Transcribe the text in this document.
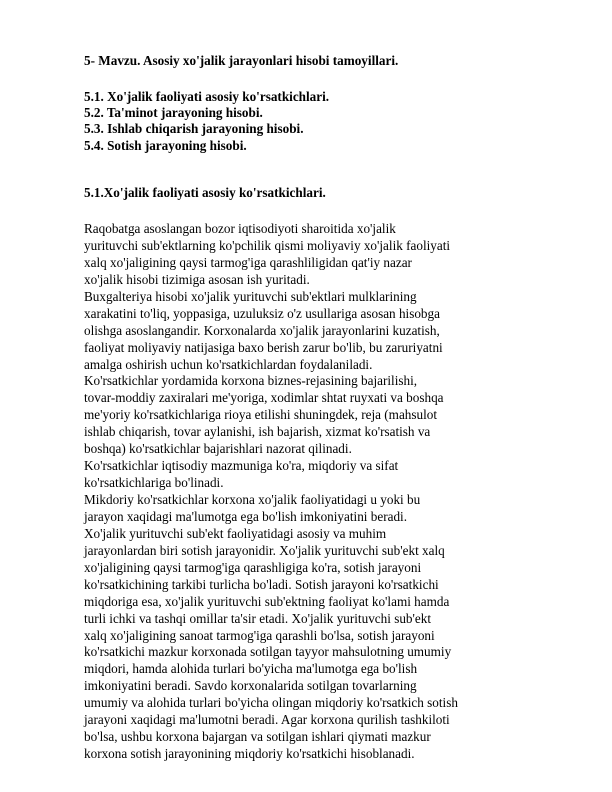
5- Mavzu. Asosiy xo'jalik jarayonlari hisobi tamoyillari.
5.1. Xo'jalik faoliyati asosiy ko'rsatkichlari.
5.2. Ta'minot jarayoning hisobi.
5.3. Ishlab chiqarish jarayoning hisobi.
5.4. Sotish jarayoning hisobi.
5.1.Xo'jalik faoliyati asosiy ko'rsatkichlari.
Raqobatga asoslangan bozor iqtisodiyoti sharoitida xo'jalik
yurituvchi sub'ektlarning ko'pchilik qismi moliyaviy xo'jalik faoliyati
xalq xo'jaligining qaysi tarmog'iga qarashliligidan qat'iy nazar
xo'jalik hisobi tizimiga asosan ish yuritadi.
Buxgalteriya hisobi xo'jalik yurituvchi sub'ektlari mulklarining
xarakatini to'liq, yoppasiga, uzuluksiz o'z usullariga asosan hisobga
olishga asoslangandir. Korxonalarda xo'jalik jarayonlarini kuzatish,
faoliyat moliyaviy natijasiga baxo berish zarur bo'lib, bu zaruriyatni
amalga oshirish uchun ko'rsatkichlardan foydalaniladi.
Ko'rsatkichlar yordamida korxona biznes-rejasining bajarilishi,
tovar-moddiy zaxiralari me'yoriga, xodimlar shtat ruyxati va boshqa
me'yoriy ko'rsatkichlariga rioya etilishi shuningdek, reja (mahsulot
ishlab chiqarish, tovar aylanishi, ish bajarish, xizmat ko'rsatish va
boshqa) ko'rsatkichlar bajarishlari nazorat qilinadi.
Ko'rsatkichlar iqtisodiy mazmuniga ko'ra, miqdoriy va sifat
ko'rsatkichlariga bo'linadi.
Mikdoriy ko'rsatkichlar korxona xo'jalik faoliyatidagi u yoki bu
jarayon xaqidagi ma'lumotga ega bo'lish imkoniyatini beradi.
Xo'jalik yurituvchi sub'ekt faoliyatidagi asosiy va muhim
jarayonlardan biri sotish jarayonidir. Xo'jalik yurituvchi sub'ekt xalq
xo'jaligining qaysi tarmog'iga qarashligiga ko'ra, sotish jarayoni
ko'rsatkichining tarkibi turlicha bo'ladi. Sotish jarayoni ko'rsatkichi
miqdoriga esa, xo'jalik yurituvchi sub'ektning faoliyat ko'lami hamda
turli ichki va tashqi omillar ta'sir etadi. Xo'jalik yurituvchi sub'ekt
xalq xo'jaligining sanoat tarmog'iga qarashli bo'lsa, sotish jarayoni
ko'rsatkichi mazkur korxonada sotilgan tayyor mahsulotning umumiy
miqdori, hamda alohida turlari bo'yicha ma'lumotga ega bo'lish
imkoniyatini beradi. Savdo korxonalarida sotilgan tovarlarning
umumiy va alohida turlari bo'yicha olingan miqdoriy ko'rsatkich sotish
jarayoni xaqidagi ma'lumotni beradi. Agar korxona qurilish tashkiloti
bo'lsa, ushbu korxona bajargan va sotilgan ishlari qiymati mazkur
korxona sotish jarayonining miqdoriy ko'rsatkichi hisoblanadi.
